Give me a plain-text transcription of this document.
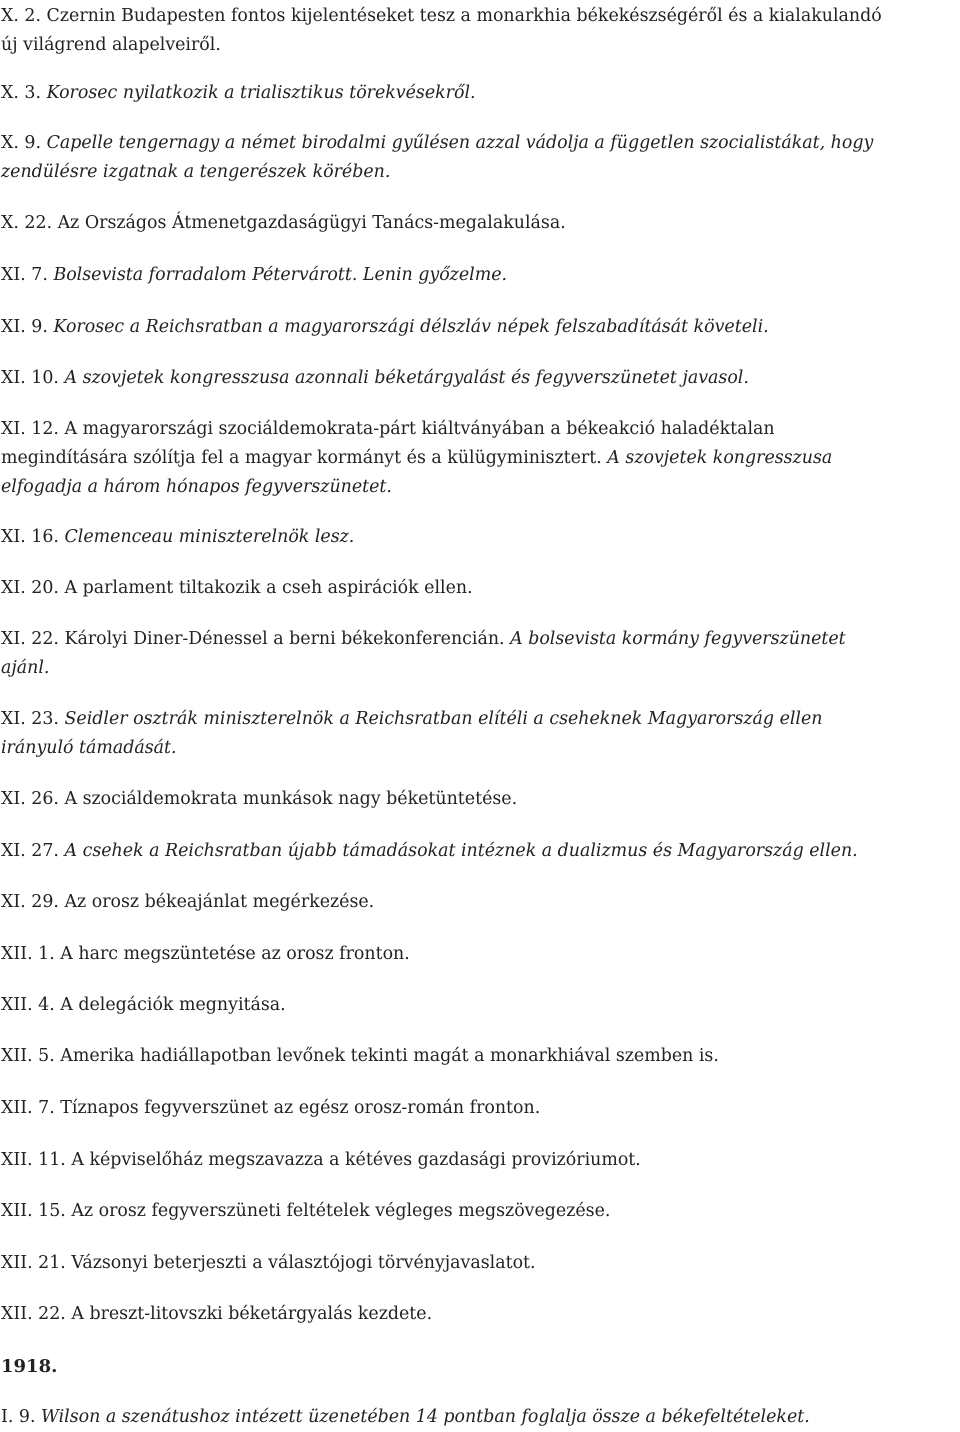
X. 2. Czernin Budapesten fontos kijelentéseket tesz a monarkhia békekészségéről és a kialakulandó
új világrend alapelveiről.
X. 3. Korosec nyilatkozik a trialisztikus törekvésekről.
X. 9. Capelle tengernagy a német birodalmi gyűlésen azzal vádolja a független szocialistákat, hogy
zendülésre izgatnak a tengerészek körében.
X. 22. Az Országos Átmenetgazdaságügyi Tanács-megalakulása.
XI. 7. Bolsevista forradalom Pétervárott. Lenin győzelme.
XI. 9. Korosec a Reichsratban a magyarországi délszláv népek felszabadítását követeli.
XI. 10. A szovjetek kongresszusa azonnali béketárgyalást és fegyverszünetet javasol.
XI. 12. A magyarországi szociáldemokrata-párt kiáltványában a békeakció haladéktalan
megindítására szólítja fel a magyar kormányt és a külügyminisztert. A szovjetek kongresszusa
elfogadja a három hónapos fegyverszünetet.
XI. 16. Clemenceau miniszterelnök lesz.
XI. 20. A parlament tiltakozik a cseh aspirációk ellen.
XI. 22. Károlyi Diner-Dénessel a berni békekonferencián. A bolsevista kormány fegyverszünetet
ajánl.
XI. 23. Seidler osztrák miniszterelnök a Reichsratban elítéli a cseheknek Magyarország ellen
irányuló támadását.
XI. 26. A szociáldemokrata munkások nagy béketüntetése.
XI. 27. A csehek a Reichsratban újabb támadásokat intéznek a dualizmus és Magyarország ellen.
XI. 29. Az orosz békeajánlat megérkezése.
XII. 1. A harc megszüntetése az orosz fronton.
XII. 4. A delegációk megnyitása.
XII. 5. Amerika hadiállapotban levőnek tekinti magát a monarkhiával szemben is.
XII. 7. Tíznapos fegyverszünet az egész orosz-román fronton.
XII. 11. A képviselőház megszavazza a kétéves gazdasági provizóriumot.
XII. 15. Az orosz fegyverszüneti feltételek végleges megszövegezése.
XII. 21. Vázsonyi beterjeszti a választójogi törvényjavaslatot.
XII. 22. A breszt-litovszki béketárgyalás kezdete.
1918.
I. 9. Wilson a szenátushoz intézett üzenetében 14 pontban foglalja össze a békefeltételeket.
